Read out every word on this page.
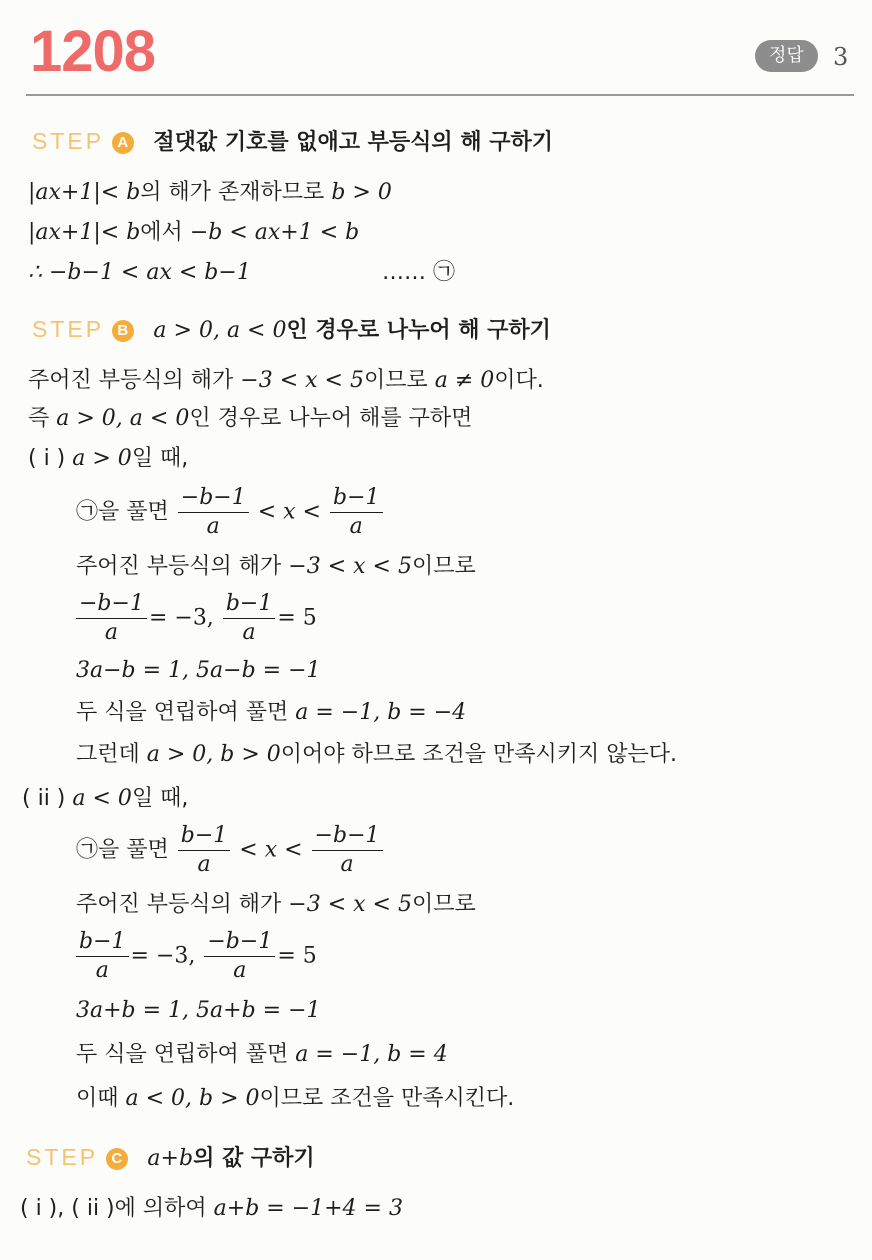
1208	정답	3
STEP A 절댓값 기호를 없애고 부등식의 해 구하기
|ax+1|< b의 해가 존재하므로 b > 0
|ax+1|< b에서 −b < ax+1 < b
∴ −b−1 < ax < b−1	…… ㉠
STEP B a > 0, a < 0인 경우로 나누어 해 구하기
주어진 부등식의 해가 −3 < x < 5이므로 a ≠ 0이다.
즉 a > 0, a < 0인 경우로 나누어 해를 구하면
( i ) a > 0일 때,
㉠을 풀면 $\frac{-b-1}{a} < x < \frac{b-1}{a}$
주어진 부등식의 해가 −3 < x < 5이므로
$\frac{-b-1}{a} = -3$, $\frac{b-1}{a} = 5$
3a−b = 1, 5a−b = −1
두 식을 연립하여 풀면 a = −1, b = −4
그런데 a > 0, b > 0이어야 하므로 조건을 만족시키지 않는다.
( ii ) a < 0일 때,
㉠을 풀면 $\frac{b-1}{a} < x < \frac{-b-1}{a}$
주어진 부등식의 해가 −3 < x < 5이므로
$\frac{b-1}{a} = -3$, $\frac{-b-1}{a} = 5$
3a+b = 1, 5a+b = −1
두 식을 연립하여 풀면 a = −1, b = 4
이때 a < 0, b > 0이므로 조건을 만족시킨다.
STEP C a+b의 값 구하기
( i ), ( ii )에 의하여 a+b = −1+4 = 3
